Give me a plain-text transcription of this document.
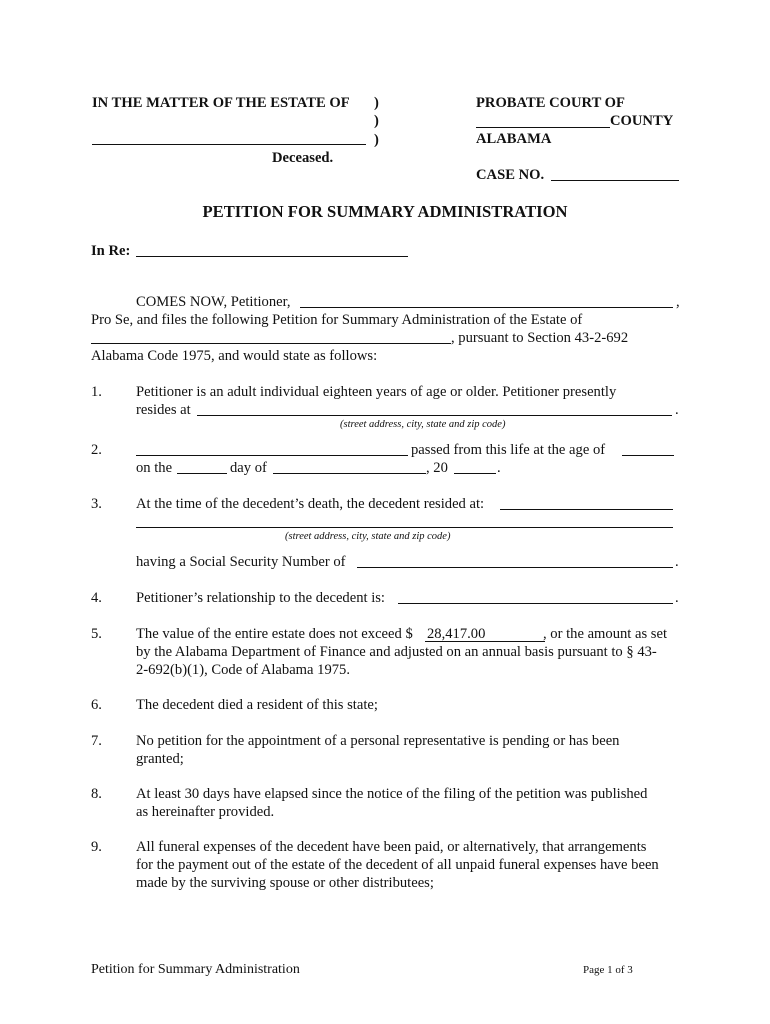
IN THE MATTER OF THE ESTATE OF )
)
)
Deceased.
PROBATE COURT OF
COUNTY
ALABAMA
CASE NO.
PETITION FOR SUMMARY ADMINISTRATION
In Re:
COMES NOW, Petitioner,	,
Pro Se, and files the following Petition for Summary Administration of the Estate of
, pursuant to Section 43-2-692
Alabama Code 1975, and would state as follows:
1. Petitioner is an adult individual eighteen years of age or older. Petitioner presently
resides at	.
(street address, city, state and zip code)
2.	passed from this life at the age of
on the	day of	, 20	.
3. At the time of the decedent’s death, the decedent resided at:
(street address, city, state and zip code)
having a Social Security Number of	.
4. Petitioner’s relationship to the decedent is:	.
5. The value of the entire estate does not exceed $ 28,417.00	, or the amount as set
by the Alabama Department of Finance and adjusted on an annual basis pursuant to § 43-
2-692(b)(1), Code of Alabama 1975.
6. The decedent died a resident of this state;
7. No petition for the appointment of a personal representative is pending or has been
granted;
8. At least 30 days have elapsed since the notice of the filing of the petition was published
as hereinafter provided.
9. All funeral expenses of the decedent have been paid, or alternatively, that arrangements
for the payment out of the estate of the decedent of all unpaid funeral expenses have been
made by the surviving spouse or other distributees;
Petition for Summary Administration	Page 1 of 3
